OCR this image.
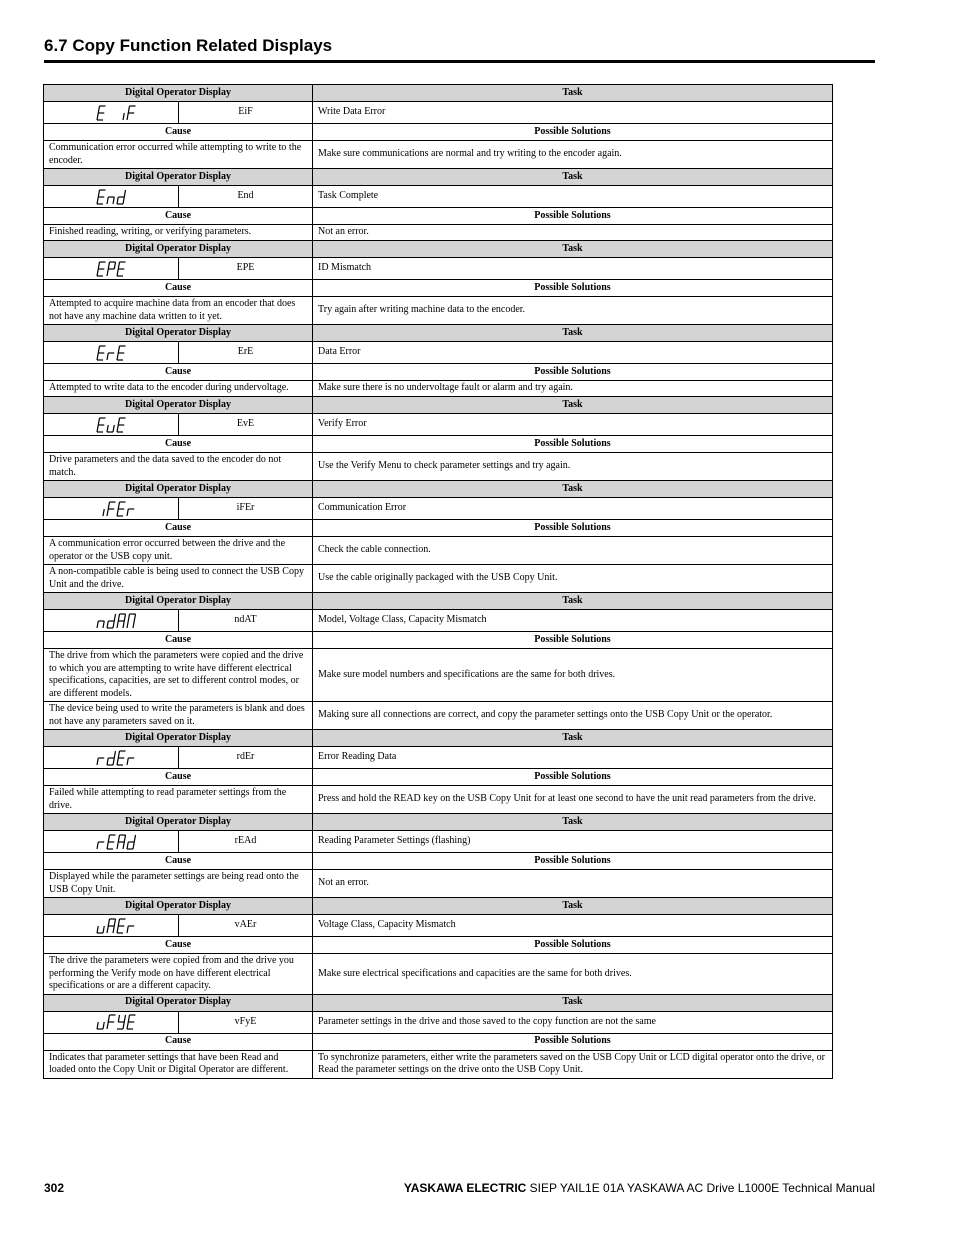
6.7 Copy Function Related Displays
Digital Operator Display		Task

	EiF	Write Data Error
Cause		Possible Solutions
Communication error occurred while attempting to write to the encoder.		Make sure communications are normal and try writing to the encoder again.
Digital Operator Display		Task

	End	Task Complete
Cause		Possible Solutions
Finished reading, writing, or verifying parameters.		Not an error.
Digital Operator Display		Task

	EPE	ID Mismatch
Cause		Possible Solutions
Attempted to acquire machine data from an encoder that does not have any machine data written to it yet.		Try again after writing machine data to the encoder.
Digital Operator Display		Task

	ErE	Data Error
Cause		Possible Solutions
Attempted to write data to the encoder during undervoltage.		Make sure there is no undervoltage fault or alarm and try again.
Digital Operator Display		Task

	EvE	Verify Error
Cause		Possible Solutions
Drive parameters and the data saved to the encoder do not match.		Use the Verify Menu to check parameter settings and try again.
Digital Operator Display		Task

	iFEr	Communication Error
Cause		Possible Solutions
A communication error occurred between the drive and the operator or the USB copy unit.		Check the cable connection.
A non-compatible cable is being used to connect the USB Copy Unit and the drive.		Use the cable originally packaged with the USB Copy Unit.
Digital Operator Display		Task

	ndAT	Model, Voltage Class, Capacity Mismatch
Cause		Possible Solutions
The drive from which the parameters were copied and the drive to which you are attempting to write have different electrical specifications, capacities, are set to different control modes, or are different models.		Make sure model numbers and specifications are the same for both drives.
The device being used to write the parameters is blank and does not have any parameters saved on it.		Making sure all connections are correct, and copy the parameter settings onto the USB Copy Unit or the operator.
Digital Operator Display		Task

	rdEr	Error Reading Data
Cause		Possible Solutions
Failed while attempting to read parameter settings from the drive.		Press and hold the READ key on the USB Copy Unit for at least one second to have the unit read parameters from the drive.
Digital Operator Display		Task

	rEAd	Reading Parameter Settings (flashing)
Cause		Possible Solutions
Displayed while the parameter settings are being read onto the USB Copy Unit.		Not an error.
Digital Operator Display		Task

	vAEr	Voltage Class, Capacity Mismatch
Cause		Possible Solutions
The drive the parameters were copied from and the drive you performing the Verify mode on have different electrical specifications or are a different capacity.		Make sure electrical specifications and capacities are the same for both drives.
Digital Operator Display		Task

	vFyE	Parameter settings in the drive and those saved to the copy function are not the same
Cause		Possible Solutions
Indicates that parameter settings that have been Read and loaded onto the Copy Unit or Digital Operator are different.		To synchronize parameters, either write the parameters saved on the USB Copy Unit or LCD digital operator onto the drive, or Read the parameter settings on the drive onto the USB Copy Unit.
302	YASKAWA ELECTRIC SIEP YAIL1E 01A YASKAWA AC Drive L1000E Technical Manual
